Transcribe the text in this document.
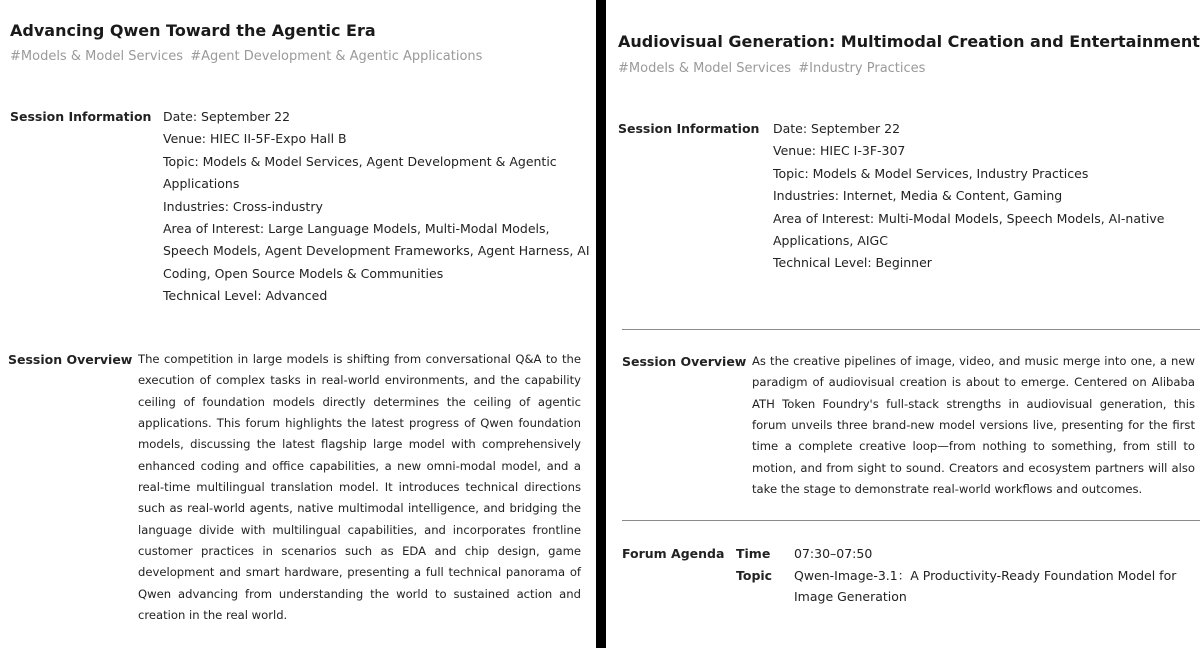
Advancing Qwen Toward the Agentic Era
#Models & Model Services #Agent Development & Agentic Applications
Session Information Date: September 22
Venue: HIEC II-5F-Expo Hall B
Topic: Models & Model Services, Agent Development & Agentic Applications
Industries: Cross-industry
Area of Interest: Large Language Models, Multi-Modal Models, Speech Models, Agent Development Frameworks, Agent Harness, AI Coding, Open Source Models & Communities
Technical Level: Advanced
Session Overview The competition in large models is shifting from conversational Q&A to the execution of complex tasks in real-world environments, and the capability ceiling of foundation models directly determines the ceiling of agentic applications. This forum highlights the latest progress of Qwen foundation models, discussing the latest flagship large model with comprehensively enhanced coding and office capabilities, a new omni-modal model, and a real-time multilingual translation model. It introduces technical directions such as real-world agents, native multimodal intelligence, and bridging the language divide with multilingual capabilities, and incorporates frontline customer practices in scenarios such as EDA and chip design, game development and smart hardware, presenting a full technical panorama of Qwen advancing from understanding the world to sustained action and creation in the real world.

Audiovisual Generation: Multimodal Creation and Entertainment
#Models & Model Services #Industry Practices
Session Information Date: September 22
Venue: HIEC I-3F-307
Topic: Models & Model Services, Industry Practices
Industries: Internet, Media & Content, Gaming
Area of Interest: Multi-Modal Models, Speech Models, AI-native Applications, AIGC
Technical Level: Beginner
Session Overview As the creative pipelines of image, video, and music merge into one, a new paradigm of audiovisual creation is about to emerge. Centered on Alibaba ATH Token Foundry's full-stack strengths in audiovisual generation, this forum unveils three brand-new model versions live, presenting for the first time a complete creative loop—from nothing to something, from still to motion, and from sight to sound. Creators and ecosystem partners will also take the stage to demonstrate real-world workflows and outcomes.

Forum Agenda Time 07:30–07:50
Topic Qwen-Image-3.1：A Productivity-Ready Foundation Model for Image Generation
